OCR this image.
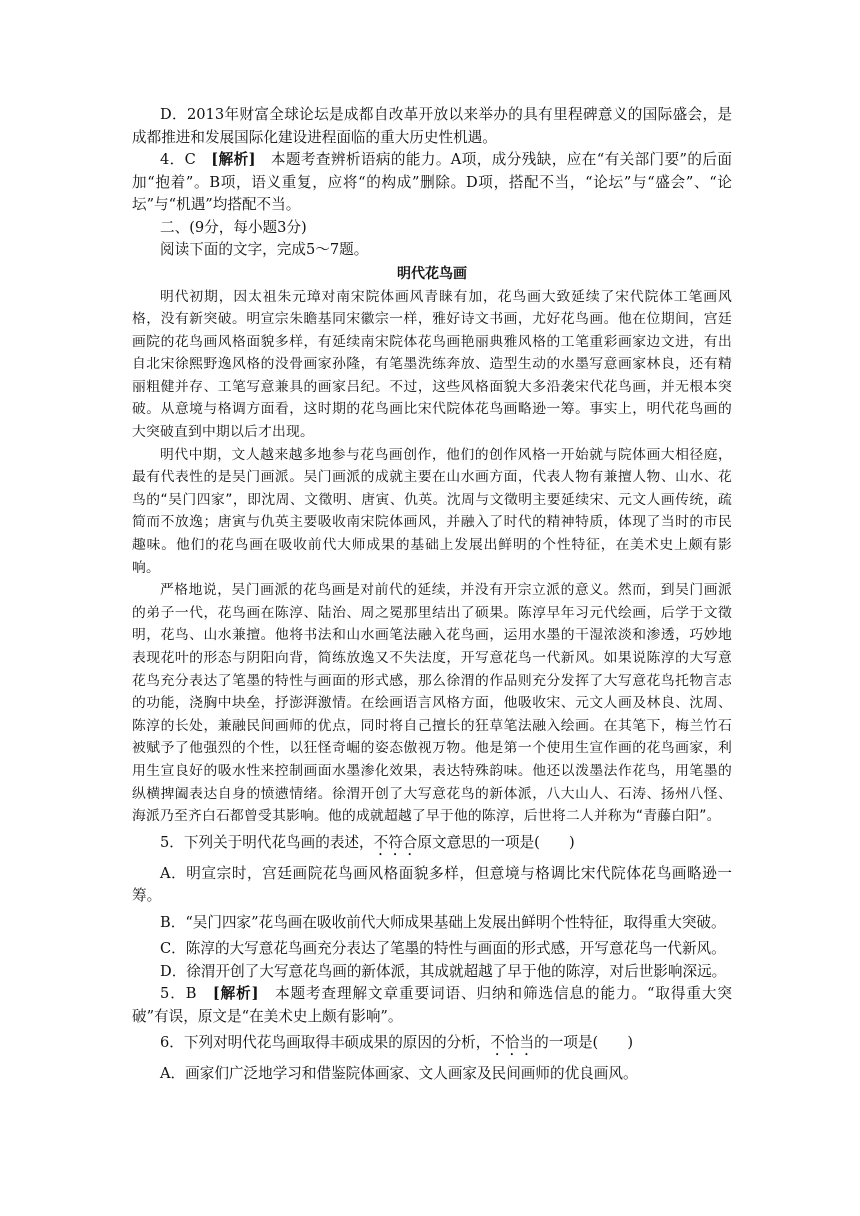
D．2013年财富全球论坛是成都自改革开放以来举办的具有里程碑意义的国际盛会，是成都推进和发展国际化建设进程面临的重大历史性机遇。

4．C　 [解析]　本题考查辨析语病的能力。A项，成分残缺，应在“有关部门要”的后面加“抱着”。B项，语义重复，应将“的构成”删除。D项，搭配不当，“论坛”与“盛会”、“论坛”与“机遇”均搭配不当。

二、(9分，每小题3分)

阅读下面的文字，完成5～7题。

明代花鸟画

明代初期，因太祖朱元璋对南宋院体画风青睐有加，花鸟画大致延续了宋代院体工笔画风格，没有新突破。明宣宗朱瞻基同宋徽宗一样，雅好诗文书画，尤好花鸟画。他在位期间，宫廷画院的花鸟画风格面貌多样，有延续南宋院体花鸟画艳丽典雅风格的工笔重彩画家边文进，有出自北宋徐熙野逸风格的没骨画家孙隆，有笔墨洗练奔放、造型生动的水墨写意画家林良，还有精丽粗健并存、工笔写意兼具的画家吕纪。不过，这些风格面貌大多沿袭宋代花鸟画，并无根本突破。从意境与格调方面看，这时期的花鸟画比宋代院体花鸟画略逊一筹。事实上，明代花鸟画的大突破直到中期以后才出现。

明代中期，文人越来越多地参与花鸟画创作，他们的创作风格一开始就与院体画大相径庭，最有代表性的是吴门画派。吴门画派的成就主要在山水画方面，代表人物有兼擅人物、山水、花鸟的“吴门四家”，即沈周、文徵明、唐寅、仇英。沈周与文徵明主要延续宋、元文人画传统，疏简而不放逸；唐寅与仇英主要吸收南宋院体画风，并融入了时代的精神特质，体现了当时的市民趣味。他们的花鸟画在吸收前代大师成果的基础上发展出鲜明的个性特征，在美术史上颇有影响。

严格地说，吴门画派的花鸟画是对前代的延续，并没有开宗立派的意义。然而，到吴门画派的弟子一代，花鸟画在陈淳、陆治、周之冕那里结出了硕果。陈淳早年习元代绘画，后学于文徵明，花鸟、山水兼擅。他将书法和山水画笔法融入花鸟画，运用水墨的干湿浓淡和渗透，巧妙地表现花叶的形态与阴阳向背，简练放逸又不失法度，开写意花鸟一代新风。如果说陈淳的大写意花鸟充分表达了笔墨的特性与画面的形式感，那么徐渭的作品则充分发挥了大写意花鸟托物言志的功能，浇胸中块垒，抒澎湃激情。在绘画语言风格方面，他吸收宋、元文人画及林良、沈周、陈淳的长处，兼融民间画师的优点，同时将自己擅长的狂草笔法融入绘画。在其笔下，梅兰竹石被赋予了他强烈的个性，以狂怪奇崛的姿态傲视万物。他是第一个使用生宣作画的花鸟画家，利用生宣良好的吸水性来控制画面水墨渗化效果，表达特殊韵味。他还以泼墨法作花鸟，用笔墨的纵横捭阖表达自身的愤懑情绪。徐渭开创了大写意花鸟的新体派，八大山人、石涛、扬州八怪、海派乃至齐白石都曾受其影响。他的成就超越了早于他的陈淳，后世将二人并称为“青藤白阳”。

5．下列关于明代花鸟画的表述，不符合原文意思的一项是(　　)

A．明宣宗时，宫廷画院花鸟画风格面貌多样，但意境与格调比宋代院体花鸟画略逊一筹。

B．“吴门四家”花鸟画在吸收前代大师成果基础上发展出鲜明个性特征，取得重大突破。

C．陈淳的大写意花鸟画充分表达了笔墨的特性与画面的形式感，开写意花鸟一代新风。

D．徐渭开创了大写意花鸟画的新体派，其成就超越了早于他的陈淳，对后世影响深远。

5．B　 [解析]　本题考查理解文章重要词语、归纳和筛选信息的能力。“取得重大突破”有误，原文是“在美术史上颇有影响”。

6．下列对明代花鸟画取得丰硕成果的原因的分析，不恰当的一项是(　　)

A．画家们广泛地学习和借鉴院体画家、文人画家及民间画师的优良画风。
